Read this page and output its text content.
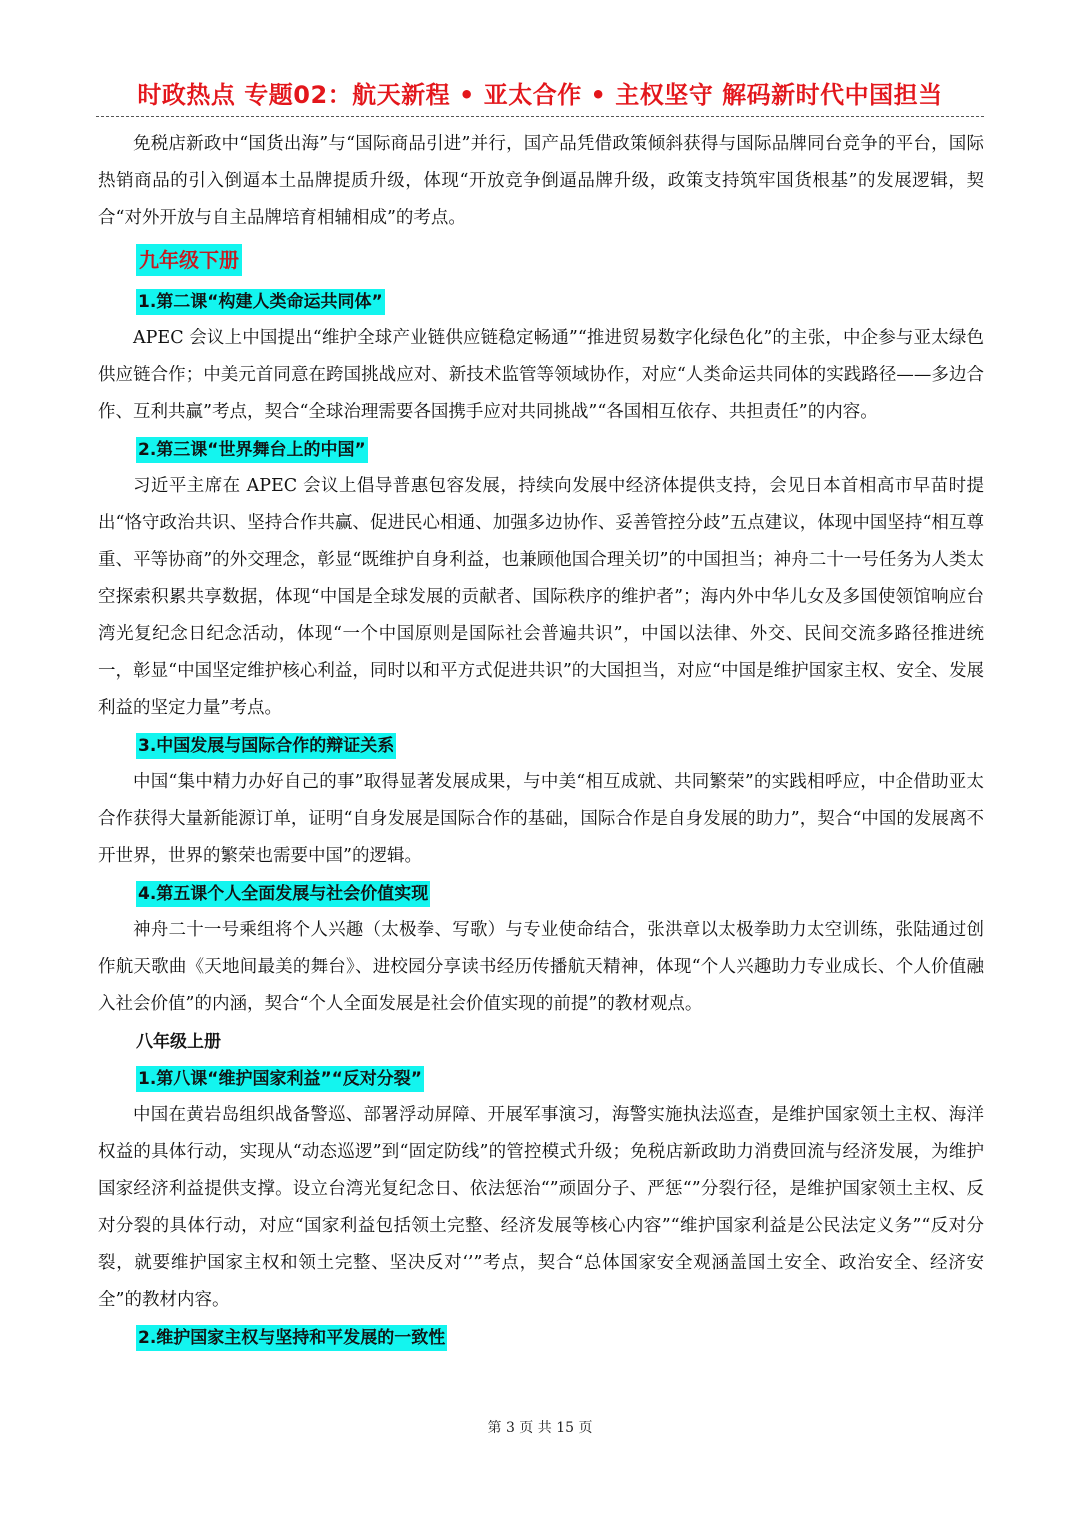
时政热点 专题02：航天新程 • 亚太合作 • 主权坚守 解码新时代中国担当

免税店新政中“国货出海”与“国际商品引进”并行，国产品凭借政策倾斜获得与国际品牌同台竞争的平台，国际热销商品的引入倒逼本土品牌提质升级，体现“开放竞争倒逼品牌升级，政策支持筑牢国货根基”的发展逻辑，契合“对外开放与自主品牌培育相辅相成”的考点。

九年级下册

1.第二课“构建人类命运共同体”

APEC 会议上中国提出“维护全球产业链供应链稳定畅通”“推进贸易数字化绿色化”的主张，中企参与亚太绿色供应链合作；中美元首同意在跨国挑战应对、新技术监管等领域协作，对应“人类命运共同体的实践路径——多边合作、互利共赢”考点，契合“全球治理需要各国携手应对共同挑战”“各国相互依存、共担责任”的内容。

2.第三课“世界舞台上的中国”

习近平主席在 APEC 会议上倡导普惠包容发展，持续向发展中经济体提供支持，会见日本首相高市早苗时提出“恪守政治共识、坚持合作共赢、促进民心相通、加强多边协作、妥善管控分歧”五点建议，体现中国坚持“相互尊重、平等协商”的外交理念，彰显“既维护自身利益，也兼顾他国合理关切”的中国担当；神舟二十一号任务为人类太空探索积累共享数据，体现“中国是全球发展的贡献者、国际秩序的维护者”；海内外中华儿女及多国使领馆响应台湾光复纪念日纪念活动，体现“一个中国原则是国际社会普遍共识”，中国以法律、外交、民间交流多路径推进统一，彰显“中国坚定维护核心利益，同时以和平方式促进共识”的大国担当，对应“中国是维护国家主权、安全、发展利益的坚定力量”考点。

3.中国发展与国际合作的辩证关系

中国“集中精力办好自己的事”取得显著发展成果，与中美“相互成就、共同繁荣”的实践相呼应，中企借助亚太合作获得大量新能源订单，证明“自身发展是国际合作的基础，国际合作是自身发展的助力”，契合“中国的发展离不开世界，世界的繁荣也需要中国”的逻辑。

4.第五课个人全面发展与社会价值实现

神舟二十一号乘组将个人兴趣（太极拳、写歌）与专业使命结合，张洪章以太极拳助力太空训练，张陆通过创作航天歌曲《天地间最美的舞台》、进校园分享读书经历传播航天精神，体现“个人兴趣助力专业成长、个人价值融入社会价值”的内涵，契合“个人全面发展是社会价值实现的前提”的教材观点。

八年级上册

1.第八课“维护国家利益”“反对分裂”

中国在黄岩岛组织战备警巡、部署浮动屏障、开展军事演习，海警实施执法巡查，是维护国家领土主权、海洋权益的具体行动，实现从“动态巡逻”到“固定防线”的管控模式升级；免税店新政助力消费回流与经济发展，为维护国家经济利益提供支撑。设立台湾光复纪念日、依法惩治“”顽固分子、严惩“”分裂行径，是维护国家领土主权、反对分裂的具体行动，对应“国家利益包括领土完整、经济发展等核心内容”“维护国家利益是公民法定义务”“反对分裂，就要维护国家主权和领土完整、坚决反对‘’”考点，契合“总体国家安全观涵盖国土安全、政治安全、经济安全”的教材内容。

2.维护国家主权与坚持和平发展的一致性

第 3 页 共 15 页
